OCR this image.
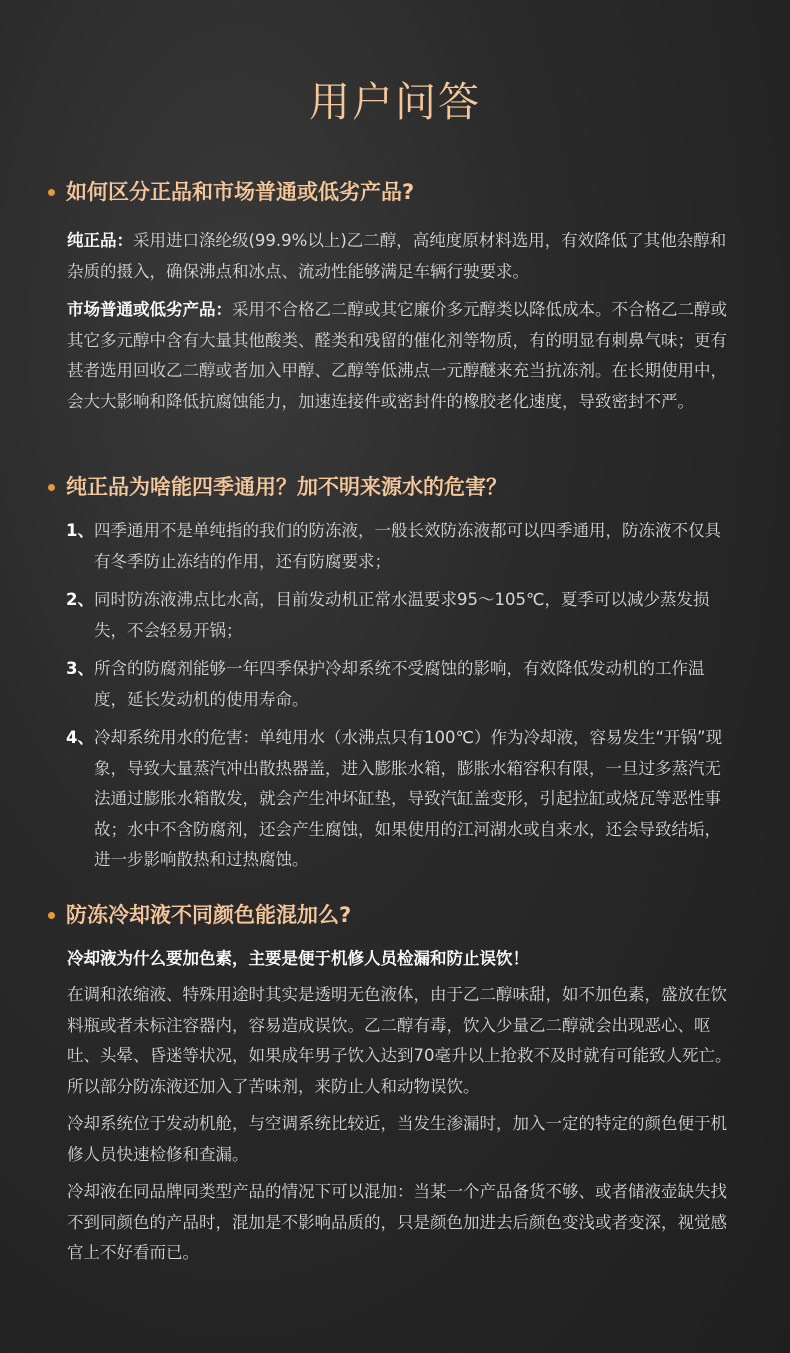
用户问答
如何区分正品和市场普通或低劣产品?
纯正品：采用进口涤纶级(99.9%以上)乙二醇，高纯度原材料选用，有效降低了其他杂醇和杂质的摄入，确保沸点和冰点、流动性能够满足车辆行驶要求。
市场普通或低劣产品：采用不合格乙二醇或其它廉价多元醇类以降低成本。不合格乙二醇或其它多元醇中含有大量其他酸类、醛类和残留的催化剂等物质，有的明显有刺鼻气味；更有甚者选用回收乙二醇或者加入甲醇、乙醇等低沸点一元醇醚来充当抗冻剂。在长期使用中，会大大影响和降低抗腐蚀能力，加速连接件或密封件的橡胶老化速度，导致密封不严。
纯正品为啥能四季通用？加不明来源水的危害？
1、 四季通用不是单纯指的我们的防冻液，一般长效防冻液都可以四季通用，防冻液不仅具有冬季防止冻结的作用，还有防腐要求；
2、 同时防冻液沸点比水高，目前发动机正常水温要求95～105℃，夏季可以减少蒸发损失，不会轻易开锅；
3、 所含的防腐剂能够一年四季保护冷却系统不受腐蚀的影响，有效降低发动机的工作温度，延长发动机的使用寿命。
4、 冷却系统用水的危害：单纯用水（水沸点只有100℃）作为冷却液，容易发生“开锅”现象，导致大量蒸汽冲出散热器盖，进入膨胀水箱，膨胀水箱容积有限，一旦过多蒸汽无法通过膨胀水箱散发，就会产生冲坏缸垫，导致汽缸盖变形，引起拉缸或烧瓦等恶性事故；水中不含防腐剂，还会产生腐蚀，如果使用的江河湖水或自来水，还会导致结垢，进一步影响散热和过热腐蚀。
防冻冷却液不同颜色能混加么?
冷却液为什么要加色素，主要是便于机修人员检漏和防止误饮！
在调和浓缩液、特殊用途时其实是透明无色液体，由于乙二醇味甜，如不加色素，盛放在饮料瓶或者未标注容器内，容易造成误饮。乙二醇有毒，饮入少量乙二醇就会出现恶心、呕吐、头晕、昏迷等状况，如果成年男子饮入达到70毫升以上抢救不及时就有可能致人死亡。所以部分防冻液还加入了苦味剂，来防止人和动物误饮。
冷却系统位于发动机舱，与空调系统比较近，当发生渗漏时，加入一定的特定的颜色便于机修人员快速检修和查漏。
冷却液在同品牌同类型产品的情况下可以混加：当某一个产品备货不够、或者储液壶缺失找不到同颜色的产品时，混加是不影响品质的，只是颜色加进去后颜色变浅或者变深，视觉感官上不好看而已。
